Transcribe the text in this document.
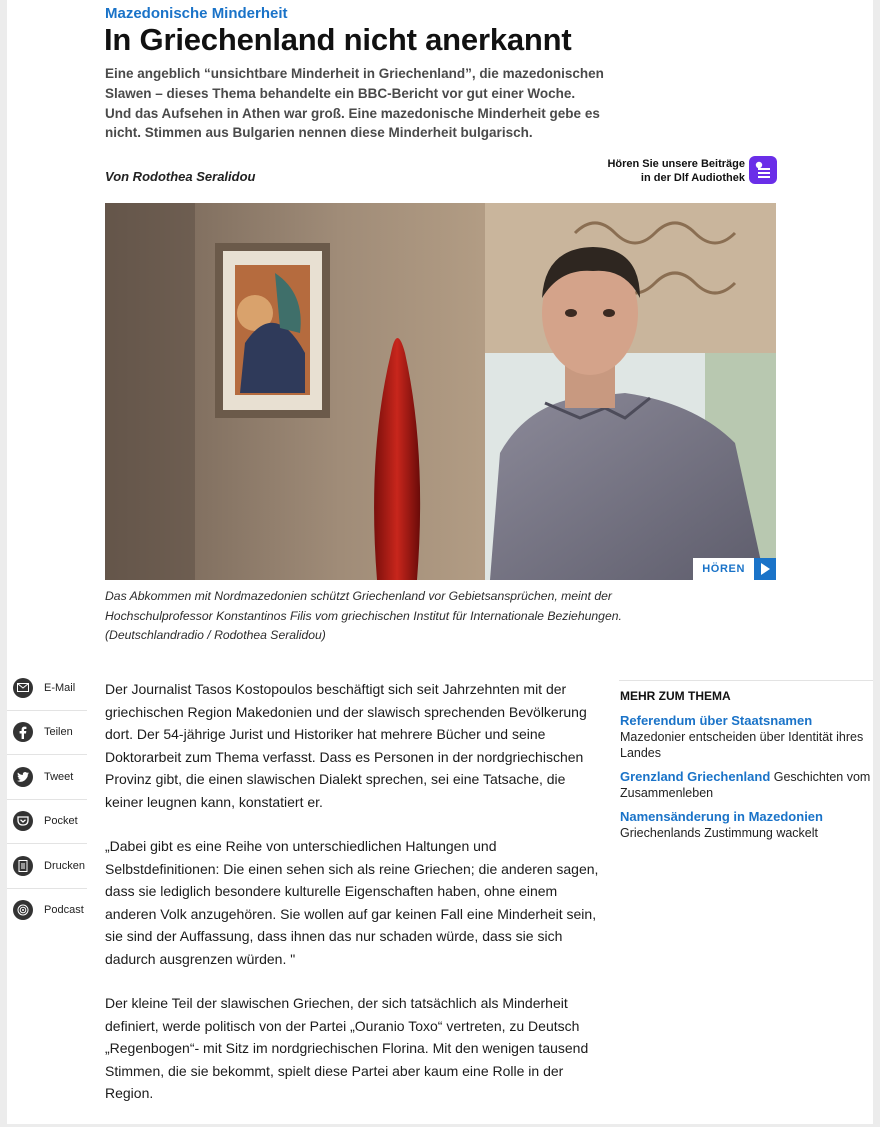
Mazedonische Minderheit
In Griechenland nicht anerkannt
Eine angeblich “unsichtbare Minderheit in Griechenland”, die mazedonischen Slawen – dieses Thema behandelte ein BBC-Bericht vor gut einer Woche. Und das Aufsehen in Athen war groß. Eine mazedonische Minderheit gebe es nicht. Stimmen aus Bulgarien nennen diese Minderheit bulgarisch.
Von Rodothea Seralidou
Hören Sie unsere Beiträge
in der Dlf Audiothek
HÖREN
Das Abkommen mit Nordmazedonien schützt Griechenland vor Gebietsansprüchen, meint der Hochschulprofessor Konstantinos Filis vom griechischen Institut für Internationale Beziehungen. (Deutschlandradio / Rodothea Seralidou)
E-Mail
Teilen
Tweet
Pocket
Drucken
Podcast

Der Journalist Tasos Kostopoulos beschäftigt sich seit Jahrzehnten mit der griechischen Region Makedonien und der slawisch sprechenden Bevölkerung dort. Der 54-jährige Jurist und Historiker hat mehrere Bücher und seine Doktorarbeit zum Thema verfasst. Dass es Personen in der nordgriechischen Provinz gibt, die einen slawischen Dialekt sprechen, sei eine Tatsache, die keiner leugnen kann, konstatiert er.

„Dabei gibt es eine Reihe von unterschiedlichen Haltungen und Selbstdefinitionen: Die einen sehen sich als reine Griechen; die anderen sagen, dass sie lediglich besondere kulturelle Eigenschaften haben, ohne einem anderen Volk anzugehören. Sie wollen auf gar keinen Fall eine Minderheit sein, sie sind der Auffassung, dass ihnen das nur schaden würde, dass sie sich dadurch ausgrenzen würden. "

Der kleine Teil der slawischen Griechen, der sich tatsächlich als Minderheit definiert, werde politisch von der Partei „Ouranio Toxo“ vertreten, zu Deutsch „Regenbogen“- mit Sitz im nordgriechischen Florina. Mit den wenigen tausend Stimmen, die sie bekommt, spielt diese Partei aber kaum eine Rolle in der Region.

MEHR ZUM THEMA
Referendum über Staatsnamen
Mazedonier entscheiden über Identität ihres Landes
Grenzland Griechenland Geschichten vom Zusammenleben
Namensänderung in Mazedonien
Griechenlands Zustimmung wackelt
